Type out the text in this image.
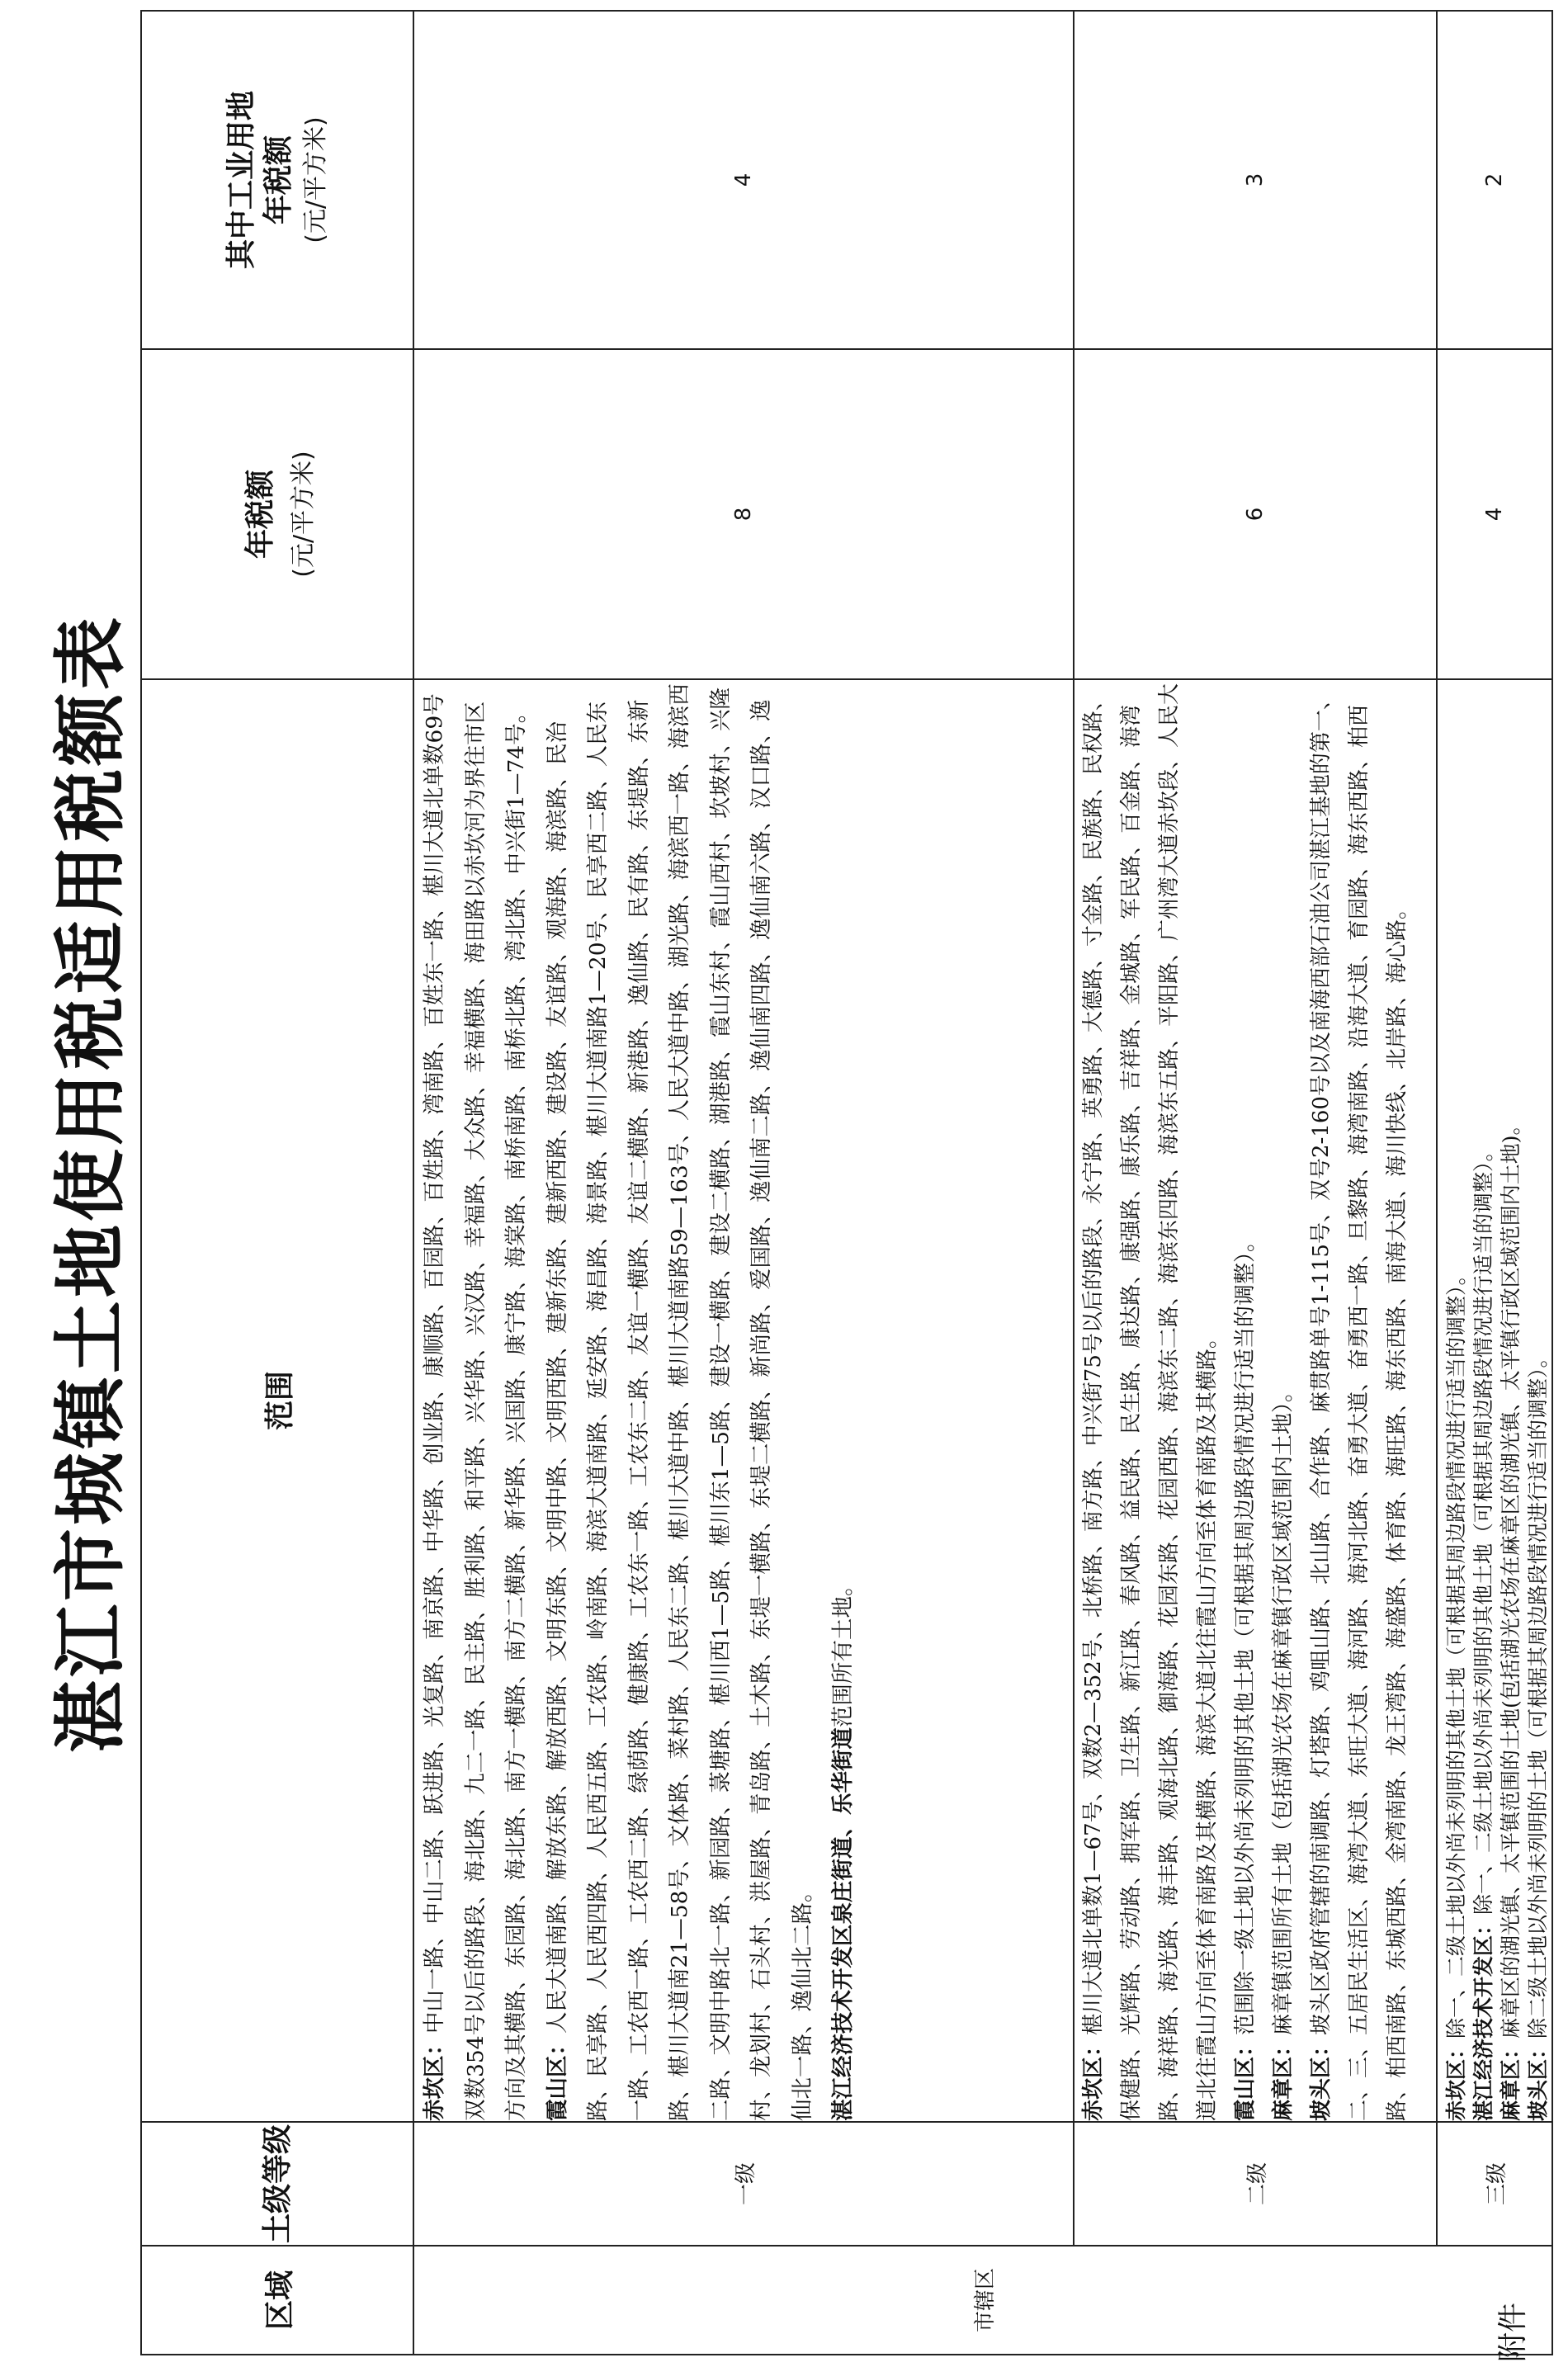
湛江市城镇土地使用税适用税额表
区域	土级等级	范围	年税额 (元/平方米)	其中工业用地 年税额 (元/平方米)

市辖区	一级	赤坎区：中山一路、中山二路、跃进路、光复路、南京路、中华路、创业路、康顺路、百园路、百姓路、湾南路、百姓东一路、椹川大道北单数69号双数354号以后的路段、海北路、九二一路、民主路、胜利路、和平路、兴华路、兴汉路、幸福路、大众路、幸福横路、海田路以赤坎河为界往市区方向及其横路、东园路、海北路、南方一横路、南方二横路、新华路、兴国路、康宁路、海棠路、南桥南路、南桥北路、湾北路、中兴街1—74号。 霞山区：人民大道南路、解放东路、解放西路、文明东路、文明中路、文明西路、建新东路、建新西路、建设路、友谊路、观海路、海滨路、民治路、民享路、人民西四路、人民西五路、工农路、岭南路、海滨大道南路、延安路、海昌路、海景路、椹川大道南路1—20号、民享西二路、人民东一路、工农西一路、工农西二路、绿荫路、健康路、工农东一路、工农东二路、友谊一横路、友谊二横路、新港路、逸仙路、民有路、东堤路、东新路、椹川大道南21—58号、文体路、菜村路、人民东二路、椹川大道中路、椹川大道南路59—163号、人民大道中路、湖光路、海滨西一路、海滨西二路、文明中路北一路、新园路、菉塘路、椹川西1—5路、椹川东1—5路、建设一横路、建设二横路、湖港路、霞山东村、霞山西村、坎坡村、兴隆村、龙划村、石头村、洪屋路、青岛路、土木路、东堤一横路、东堤二横路、新尚路、爱国路、逸仙南二路、逸仙南四路、逸仙南六路、汉口路、逸仙北一路、逸仙北二路。 湛江经济技术开发区泉庄街道、乐华街道范围所有土地。	8	4
	二级	赤坎区：椹川大道北单数1—67号、双数2—352号、北桥路、南方路、中兴街75号以后的路段、永宁路、英勇路、大德路、寸金路、民族路、民权路、保健路、光辉路、劳动路、拥军路、卫生路、新江路、春风路、益民路、民生路、康达路、康强路、康乐路、吉祥路、金城路、军民路、百金路、海湾路、海祥路、海光路、海丰路、观海北路、御海路、花园东路、花园西路、海滨东二路、海滨东四路、海滨东五路、平阳路、广州湾大道赤坎段、人民大道北往霞山方向至体育南路及其横路、海滨大道北往霞山方向至体育南路及其横路。 霞山区：范围除一级土地以外尚未列明的其他土地（可根据其周边路段情况进行适当的调整）。

麻章区：麻章镇范围所有土地（包括湖光农场在麻章镇行政区域范围内土地）。

坡头区：坡头区政府管辖的南调路、灯塔路、鸡咀山路、北山路、合作路、麻贯路单号1-115号、双号2-160号以及南海西部石油公司湛江基地的第一、二、三、五居民生活区、海湾大道、东旺大道、海河路、海河北路、奋勇大道、奋勇西一路、旦黎路、海湾南路、沿海大道、育园路、海东西路、柏西路、柏西南路、东城西路、金湾南路、龙王湾路、海盛路、体育路、海旺路、海东西路、南海大道、海川快线、北岸路、海心路。	6	3
	三级	赤坎区：除一、二级土地以外尚未列明的其他土地（可根据其周边路段情况进行适当的调整）。 湛江经济技术开发区：除一、二级土地以外尚未列明的其他土地（可根据其周边路段情况进行适当的调整）。

麻章区：麻章区的湖光镇、太平镇范围的土地(包括湖光农场在麻章区的湖光镇、太平镇行政区域范围内土地)。

坡头区：除二级土地以外尚未列明的土地（可根据其周边路段情况进行适当的调整）。	4	2
附件
